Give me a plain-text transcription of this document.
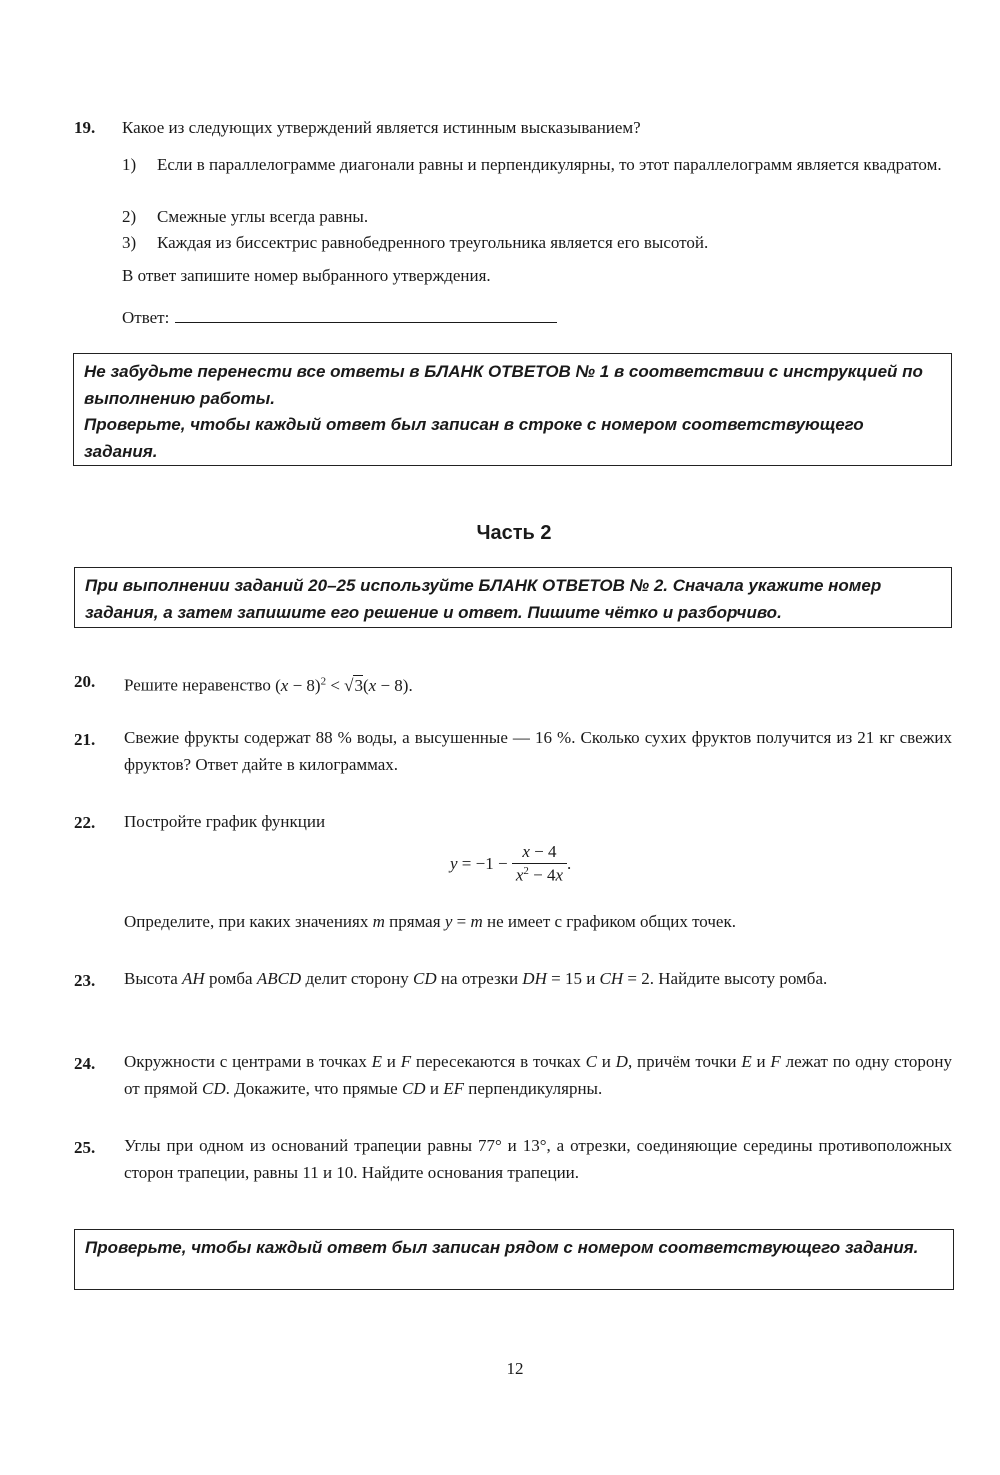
19. Какое из следующих утверждений является истинным высказыванием?
1) Если в параллелограмме диагонали равны и перпендикулярны, то этот параллелограмм является квадратом.
2) Смежные углы всегда равны.
3) Каждая из биссектрис равнобедренного треугольника является его высотой.
В ответ запишите номер выбранного утверждения.
Ответ:
Не забудьте перенести все ответы в БЛАНК ОТВЕТОВ № 1 в соответствии с инструкцией по выполнению работы.
Проверьте, чтобы каждый ответ был записан в строке с номером соответствующего задания.
Часть 2
При выполнении заданий 20–25 используйте БЛАНК ОТВЕТОВ № 2. Сначала укажите номер задания, а затем запишите его решение и ответ. Пишите чётко и разборчиво.
20. Решите неравенство $(x - 8)^2 < √3(x - 8)$.
21. Свежие фрукты содержат 88 % воды, а высушенные — 16 %. Сколько сухих фруктов получится из 21 кг свежих фруктов? Ответ дайте в килограммах.
22. Постройте график функции
$y = -1 - \frac{x - 4}{x^2 - 4x}$ .
Определите, при каких значениях m прямая y = m не имеет с графиком общих точек.
23. Высота AH ромба ABCD делит сторону CD на отрезки DH = 15 и CH = 2. Найдите высоту ромба.
24. Окружности с центрами в точках E и F пересекаются в точках C и D, причём точки E и F лежат по одну сторону от прямой CD. Докажите, что прямые CD и EF перпендикулярны.
25. Углы при одном из оснований трапеции равны 77° и 13°, а отрезки, соединяющие середины противоположных сторон трапеции, равны 11 и 10. Найдите основания трапеции.
Проверьте, чтобы каждый ответ был записан рядом с номером соответствующего задания.
12
